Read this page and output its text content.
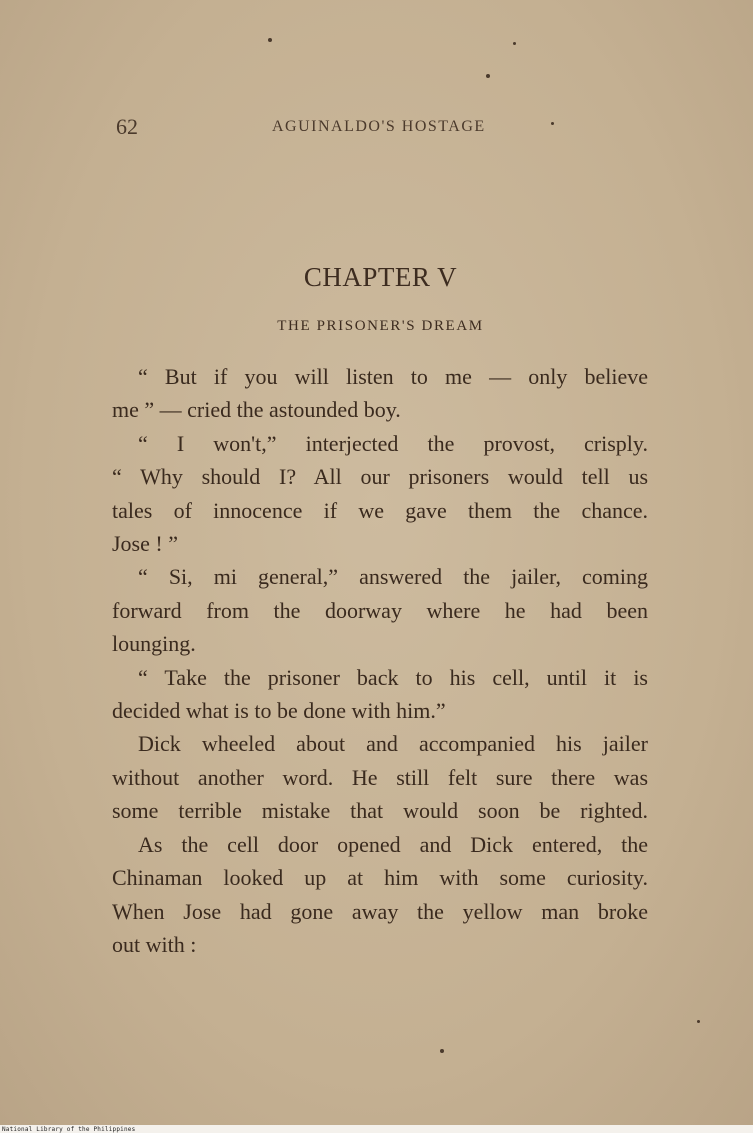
62	AGUINALDO'S HOSTAGE
CHAPTER V
THE PRISONER'S DREAM
“ But if you will listen to me — only believe
me ” — cried the astounded boy.
“ I won't,” interjected the provost, crisply.
“ Why should I? All our prisoners would tell us
tales of innocence if we gave them the chance.
Jose ! ”
“ Si, mi general,” answered the jailer, coming
forward from the doorway where he had been
lounging.
“ Take the prisoner back to his cell, until it is
decided what is to be done with him.”
Dick wheeled about and accompanied his jailer
without another word. He still felt sure there was
some terrible mistake that would soon be righted.
As the cell door opened and Dick entered, the
Chinaman looked up at him with some curiosity.
When Jose had gone away the yellow man broke
out with :
National Library of the Philippines
